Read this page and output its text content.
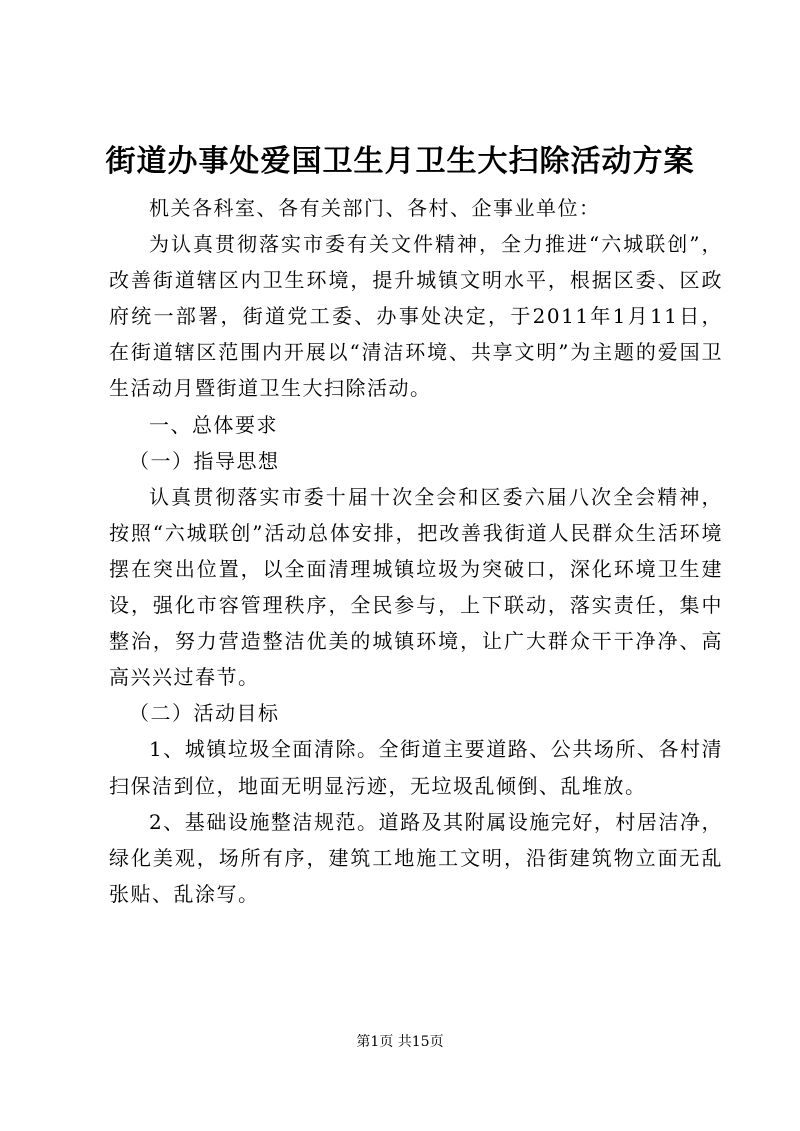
街道办事处爱国卫生月卫生大扫除活动方案

机关各科室、各有关部门、各村、企事业单位：

为认真贯彻落实市委有关文件精神，全力推进“六城联创”，改善街道辖区内卫生环境，提升城镇文明水平，根据区委、区政府统一部署，街道党工委、办事处决定，于2011年1月11日，在街道辖区范围内开展以“清洁环境、共享文明”为主题的爱国卫生活动月暨街道卫生大扫除活动。

一、总体要求

（一）指导思想

认真贯彻落实市委十届十次全会和区委六届八次全会精神，按照“六城联创”活动总体安排，把改善我街道人民群众生活环境摆在突出位置，以全面清理城镇垃圾为突破口，深化环境卫生建设，强化市容管理秩序，全民参与，上下联动，落实责任，集中整治，努力营造整洁优美的城镇环境，让广大群众干干净净、高高兴兴过春节。

（二）活动目标

1、城镇垃圾全面清除。全街道主要道路、公共场所、各村清扫保洁到位，地面无明显污迹，无垃圾乱倾倒、乱堆放。

2、基础设施整洁规范。道路及其附属设施完好，村居洁净，绿化美观，场所有序，建筑工地施工文明，沿街建筑物立面无乱张贴、乱涂写。

第1页 共15页
